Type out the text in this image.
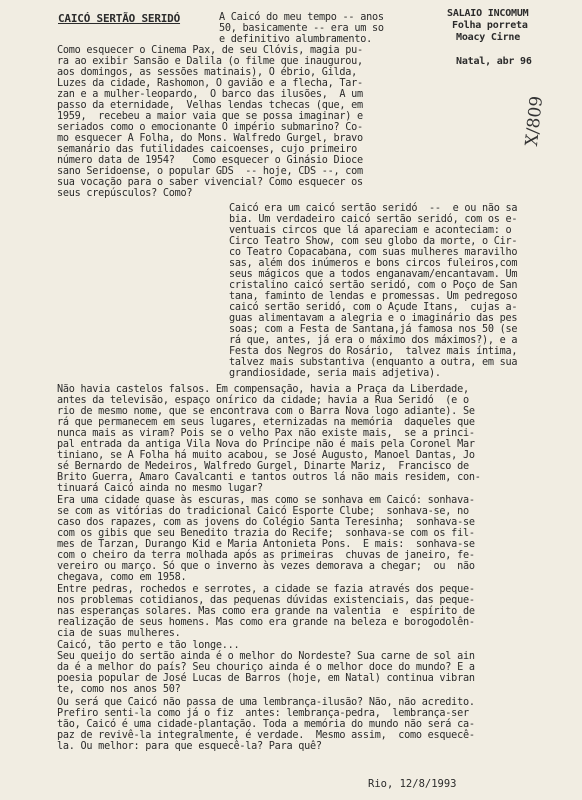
CAICÓ SERTÃO SERIDÓ	SALAIO INCOMUM
Folha porreta
Moacy Cirne
Natal, abr 96
X/809
A Caicó do meu tempo -- anos
50, basicamente -- era um so
e definitivo alumbramento.
Como esquecer o Cinema Pax, de seu Clóvis, magia pu-
ra ao exibir Sansão e Dalila (o filme que inaugurou,
aos domingos, as sessões matinais), O ébrio, Gilda,
Luzes da cidade, Rashomon, O gavião e a flecha, Tar-
zan e a mulher-leopardo,  O barco das ilusões,  A um
passo da eternidade,  Velhas lendas tchecas (que, em
1959,  recebeu a maior vaia que se possa imaginar) e
seriados como o emocionante O império submarino? Co-
mo esquecer A Folha, do Mons. Walfredo Gurgel, bravo
semanário das futilidades caicoenses, cujo primeiro
número data de 1954?   Como esquecer o Ginásio Dioce
sano Seridoense, o popular GDS  -- hoje, CDS --, com
sua vocação para o saber vivencial? Como esquecer os
seus crepúsculos? Como?
Caicó era um caicó sertão seridó  --  e ou não sa
bia. Um verdadeiro caicó sertão seridó, com os e-
ventuais circos que lá apareciam e aconteciam: o
Circo Teatro Show, com seu globo da morte, o Cir-
co Teatro Copacabana, com suas mulheres maravilho
sas, além dos inúmeros e bons circos fuleiros,com
seus mágicos que a todos enganavam/encantavam. Um
cristalino caicó sertão seridó, com o Poço de San
tana, faminto de lendas e promessas. Um pedregoso
caicó sertão seridó, com o Açude Itans,  cujas a-
guas alimentavam a alegria e o imaginário das pes
soas; com a Festa de Santana,já famosa nos 50 (se
rá que, antes, já era o máximo dos máximos?), e a
Festa dos Negros do Rosário,  talvez mais íntima,
talvez mais substantiva (enquanto a outra, em sua
grandiosidade, seria mais adjetiva).
Não havia castelos falsos. Em compensação, havia a Praça da Liberdade,
antes da televisão, espaço onírico da cidade; havia a Rua Seridó  (e o
rio de mesmo nome, que se encontrava com o Barra Nova logo adiante). Se
rá que permanecem em seus lugares, eternizadas na memória  daqueles que
nunca mais as viram? Pois se o velho Pax não existe mais,  se a princi-
pal entrada da antiga Vila Nova do Príncipe não é mais pela Coronel Mar
tiniano, se A Folha há muito acabou, se José Augusto, Manoel Dantas, Jo
sé Bernardo de Medeiros, Walfredo Gurgel, Dinarte Mariz,  Francisco de
Brito Guerra, Amaro Cavalcanti e tantos outros lá não mais residem, con-
tinuará Caicó ainda no mesmo lugar?
Era uma cidade quase às escuras, mas como se sonhava em Caicó: sonhava-
se com as vitórias do tradicional Caicó Esporte Clube;  sonhava-se, no
caso dos rapazes, com as jovens do Colégio Santa Teresinha;  sonhava-se
com os gibis que seu Benedito trazia do Recife;  sonhava-se com os fil-
mes de Tarzan, Durango Kid e Maria Antonieta Pons.  E mais:  sonhava-se
com o cheiro da terra molhada após as primeiras  chuvas de janeiro, fe-
vereiro ou março. Só que o inverno às vezes demorava a chegar;  ou  não
chegava, como em 1958.
Entre pedras, rochedos e serrotes, a cidade se fazia através dos peque-
nos problemas cotidianos, das pequenas dúvidas existenciais, das peque-
nas esperanças solares. Mas como era grande na valentia  e  espírito de
realização de seus homens. Mas como era grande na beleza e borogodolên-
cia de suas mulheres.
Caicó, tão perto e tão longe...
Seu queijo do sertão ainda é o melhor do Nordeste? Sua carne de sol ain
da é a melhor do país? Seu chouriço ainda é o melhor doce do mundo? E a
poesia popular de José Lucas de Barros (hoje, em Natal) continua vibran
te, como nos anos 50?
Ou será que Caicó não passa de uma lembrança-ilusão? Não, não acredito.
Prefiro senti-la como já o fiz  antes: lembrança-pedra,  lembrança-ser
tão, Caicó é uma cidade-plantação. Toda a memória do mundo não será ca-
paz de revivê-la integralmente, é verdade.  Mesmo assim,  como esquecê-
la. Ou melhor: para que esquecê-la? Para quê?
Rio, 12/8/1993
